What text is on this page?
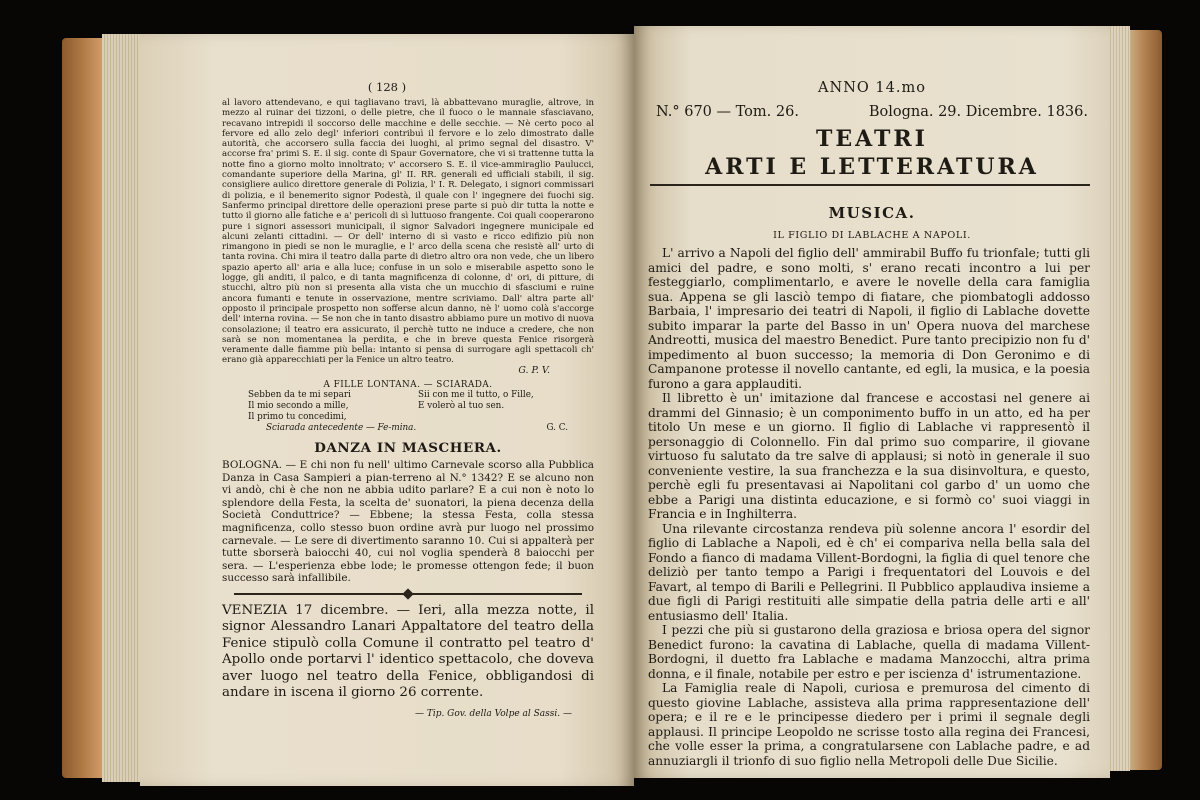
( 128 )

al lavoro attendevano, e qui tagliavano travi, là abbattevano muraglie, altrove, in mezzo al ruinar dei tizzoni, o delle pietre, che il fuoco o le mannaie sfasciavano, recavano intrepidi il soccorso delle macchine e delle secchie. — Nè certo poco al fervore ed allo zelo degl' inferiori contribuì il fervore e lo zelo dimostrato dalle autorità, che accorsero sulla faccia dei luoghi, al primo segnal del disastro. V' accorse fra' primi S. E. il sig. conte di Spaur Governatore, che vi si trattenne tutta la notte fino a giorno molto innoltrato; v' accorsero S. E. il vice-ammiraglio Paulucci, comandante superiore della Marina, gl' II. RR. generali ed ufficiali stabili, il sig. consigliere aulico direttore generale di Polizia, l' I. R. Delegato, i signori commissari di polizia, e il benemerito signor Podestà, il quale con l' ingegnere dei fuochi sig. Sanfermo principal direttore delle operazioni prese parte si può dir tutta la notte e tutto il giorno alle fatiche e a' pericoli di sì luttuoso frangente. Coi quali cooperarono pure i signori assessori municipali, il signor Salvadori ingegnere municipale ed alcuni zelanti cittadini. — Or dell' interno di sì vasto e ricco edifizio più non rimangono in piedi se non le muraglie, e l' arco della scena che resistè all' urto di tanta rovina. Chi mira il teatro dalla parte di dietro altro ora non vede, che un libero spazio aperto all' aria e alla luce; confuse in un solo e miserabile aspetto sono le logge, gli anditi, il palco, e di tanta magnificenza di colonne, d' ori, di pitture, di stucchi, altro più non si presenta alla vista che un mucchio di sfasciumi e ruine ancora fumanti e tenute in osservazione, mentre scriviamo. Dall' altra parte all' opposto il principale prospetto non sofferse alcun danno, nè l' uomo colà s'accorge dell' interna rovina. — Se non che in tanto disastro abbiamo pure un motivo di nuova consolazione; il teatro era assicurato, il perchè tutto ne induce a credere, che non sarà se non momentanea la perdita, e che in breve questa Fenice risorgerà veramente dalle fiamme più bella: intanto si pensa di surrogare agli spettacoli ch' erano già apparecchiati per la Fenice un altro teatro.

G. P. V.
A FILLE LONTANA. — SCIARADA.
Sebben da te mi separi	Sii con me il tutto, o Fille,
Il mio secondo a mille,	E volerò al tuo sen.
Il primo tu concedimi,
Sciarada antecedente — Fe-mina.	G. C.
DANZA IN MASCHERA.

BOLOGNA. — E chi non fu nell' ultimo Carnevale scorso alla Pubblica Danza in Casa Sampieri a pian-terreno al N.° 1342? E se alcuno non vi andò, chi è che non ne abbia udito parlare? E a cui non è noto lo splendore della Festa, la scelta de' suonatori, la piena decenza della Società Conduttrice? — Ebbene; la stessa Festa, colla stessa magnificenza, collo stesso buon ordine avrà pur luogo nel prossimo carnevale. — Le sere di divertimento saranno 10. Cui si appalterà per tutte sborserà baiocchi 40, cui nol voglia spenderà 8 baiocchi per sera. — L'esperienza ebbe lode; le promesse ottengon fede; il buon successo sarà infallibile.

VENEZIA 17 dicembre. — Ieri, alla mezza notte, il signor Alessandro Lanari Appaltatore del teatro della Fenice stipulò colla Comune il contratto pel teatro d' Apollo onde portarvi l' identico spettacolo, che doveva aver luogo nel teatro della Fenice, obbligandosi di andare in iscena il giorno 26 corrente.

— Tip. Gov. della Volpe al Sassi. —
ANNO 14.mo
N.° 670 — Tom. 26.	Bologna. 29. Dicembre. 1836.
TEATRI
ARTI E LETTERATURA
MUSICA.
IL FIGLIO DI LABLACHE A NAPOLI.

L' arrivo a Napoli del figlio dell' ammirabil Buffo fu trionfale; tutti gli amici del padre, e sono molti, s' erano recati incontro a lui per festeggiarlo, complimentarlo, e avere le novelle della cara famiglia sua. Appena se gli lasciò tempo di fiatare, che piombatogli addosso Barbaia, l' impresario dei teatri di Napoli, il figlio di Lablache dovette subito imparar la parte del Basso in un' Opera nuova del marchese Andreotti, musica del maestro Benedict. Pure tanto precipizio non fu d' impedimento al buon successo; la memoria di Don Geronimo e di Campanone protesse il novello cantante, ed egli, la musica, e la poesia furono a gara applauditi.

Il libretto è un' imitazione dal francese e accostasi nel genere ai drammi del Ginnasio; è un componimento buffo in un atto, ed ha per titolo Un mese e un giorno. Il figlio di Lablache vi rappresentò il personaggio di Colonnello. Fin dal primo suo comparire, il giovane virtuoso fu salutato da tre salve di applausi; si notò in generale il suo conveniente vestire, la sua franchezza e la sua disinvoltura, e questo, perchè egli fu presentavasi ai Napolitani col garbo d' un uomo che ebbe a Parigi una distinta educazione, e si formò co' suoi viaggi in Francia e in Inghilterra.

Una rilevante circostanza rendeva più solenne ancora l' esordir del figlio di Lablache a Napoli, ed è ch' ei compariva nella bella sala del Fondo a fianco di madama Villent-Bordogni, la figlia di quel tenore che deliziò per tanto tempo a Parigi i frequentatori del Louvois e del Favart, al tempo di Barili e Pellegrini. Il Pubblico applaudiva insieme a due figli di Parigi restituiti alle simpatie della patria delle arti e all' entusiasmo dell' Italia.

I pezzi che più si gustarono della graziosa e briosa opera del signor Benedict furono: la cavatina di Lablache, quella di madama Villent-Bordogni, il duetto fra Lablache e madama Manzocchi, altra prima donna, e il finale, notabile per estro e per iscienza d' istrumentazione.

La Famiglia reale di Napoli, curiosa e premurosa del cimento di questo giovine Lablache, assisteva alla prima rappresentazione dell' opera; e il re e le principesse diedero per i primi il segnale degli applausi. Il principe Leopoldo ne scrisse tosto alla regina dei Francesi, che volle esser la prima, a congratularsene con Lablache padre, e ad annuziargli il trionfo di suo figlio nella Metropoli delle Due Sicilie.
